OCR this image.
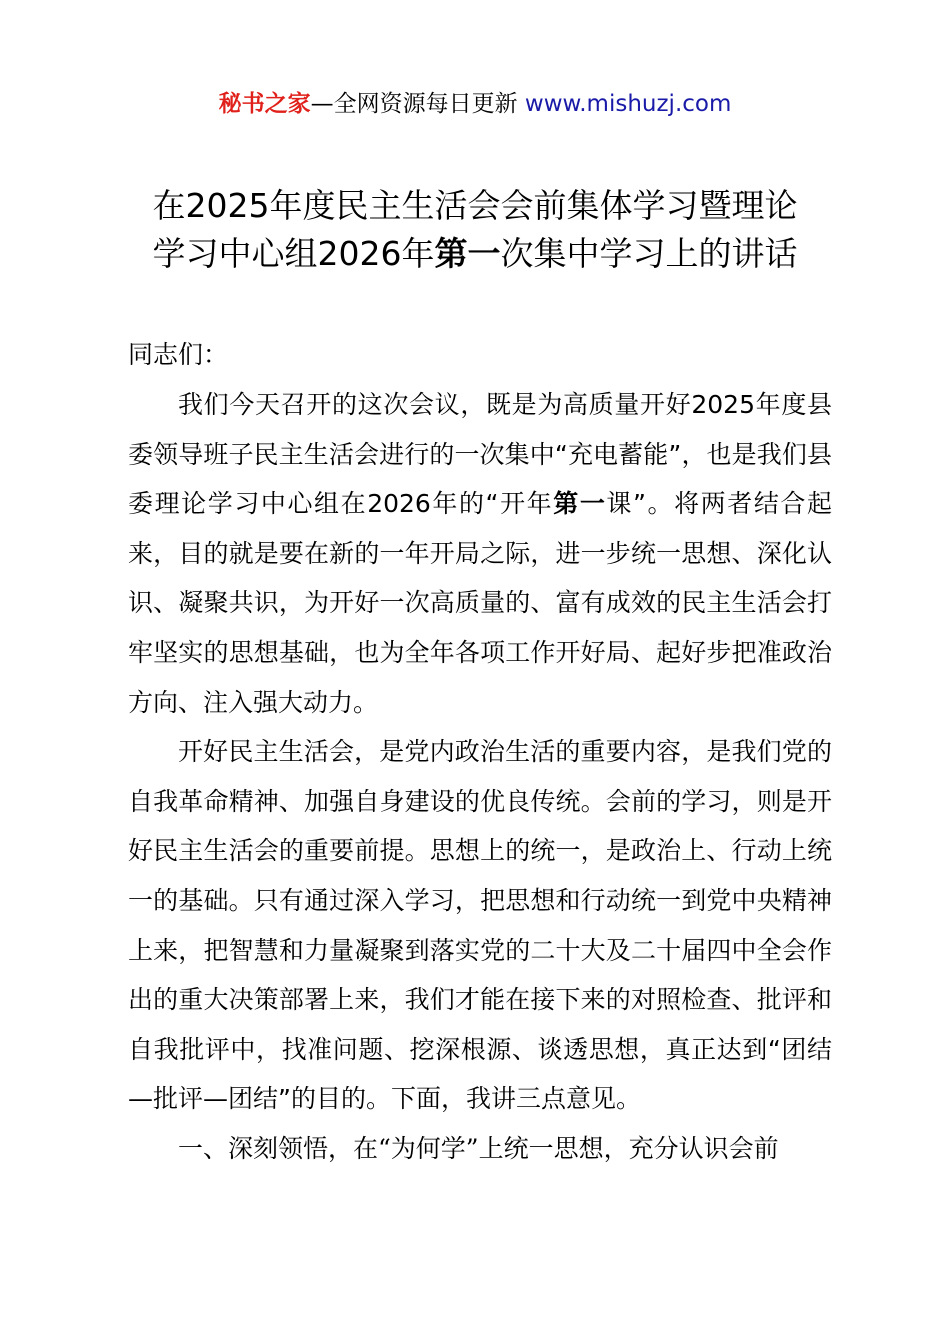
秘书之家—全网资源每日更新 www.mishuzj.com
在2025年度民主生活会会前集体学习暨理论
学习中心组2026年第一次集中学习上的讲话

同志们：

我们今天召开的这次会议，既是为高质量开好2025年度县委领导班子民主生活会进行的一次集中“充电蓄能”，也是我们县委理论学习中心组在2026年的“开年第一课”。将两者结合起来，目的就是要在新的一年开局之际，进一步统一思想、深化认识、凝聚共识，为开好一次高质量的、富有成效的民主生活会打牢坚实的思想基础，也为全年各项工作开好局、起好步把准政治方向、注入强大动力。

开好民主生活会，是党内政治生活的重要内容，是我们党的自我革命精神、加强自身建设的优良传统。会前的学习，则是开好民主生活会的重要前提。思想上的统一，是政治上、行动上统一的基础。只有通过深入学习，把思想和行动统一到党中央精神上来，把智慧和力量凝聚到落实党的二十大及二十届四中全会作出的重大决策部署上来，我们才能在接下来的对照检查、批评和自我批评中，找准问题、挖深根源、谈透思想，真正达到“团结—批评—团结”的目的。下面，我讲三点意见。

一、深刻领悟，在“为何学”上统一思想，充分认识会前
